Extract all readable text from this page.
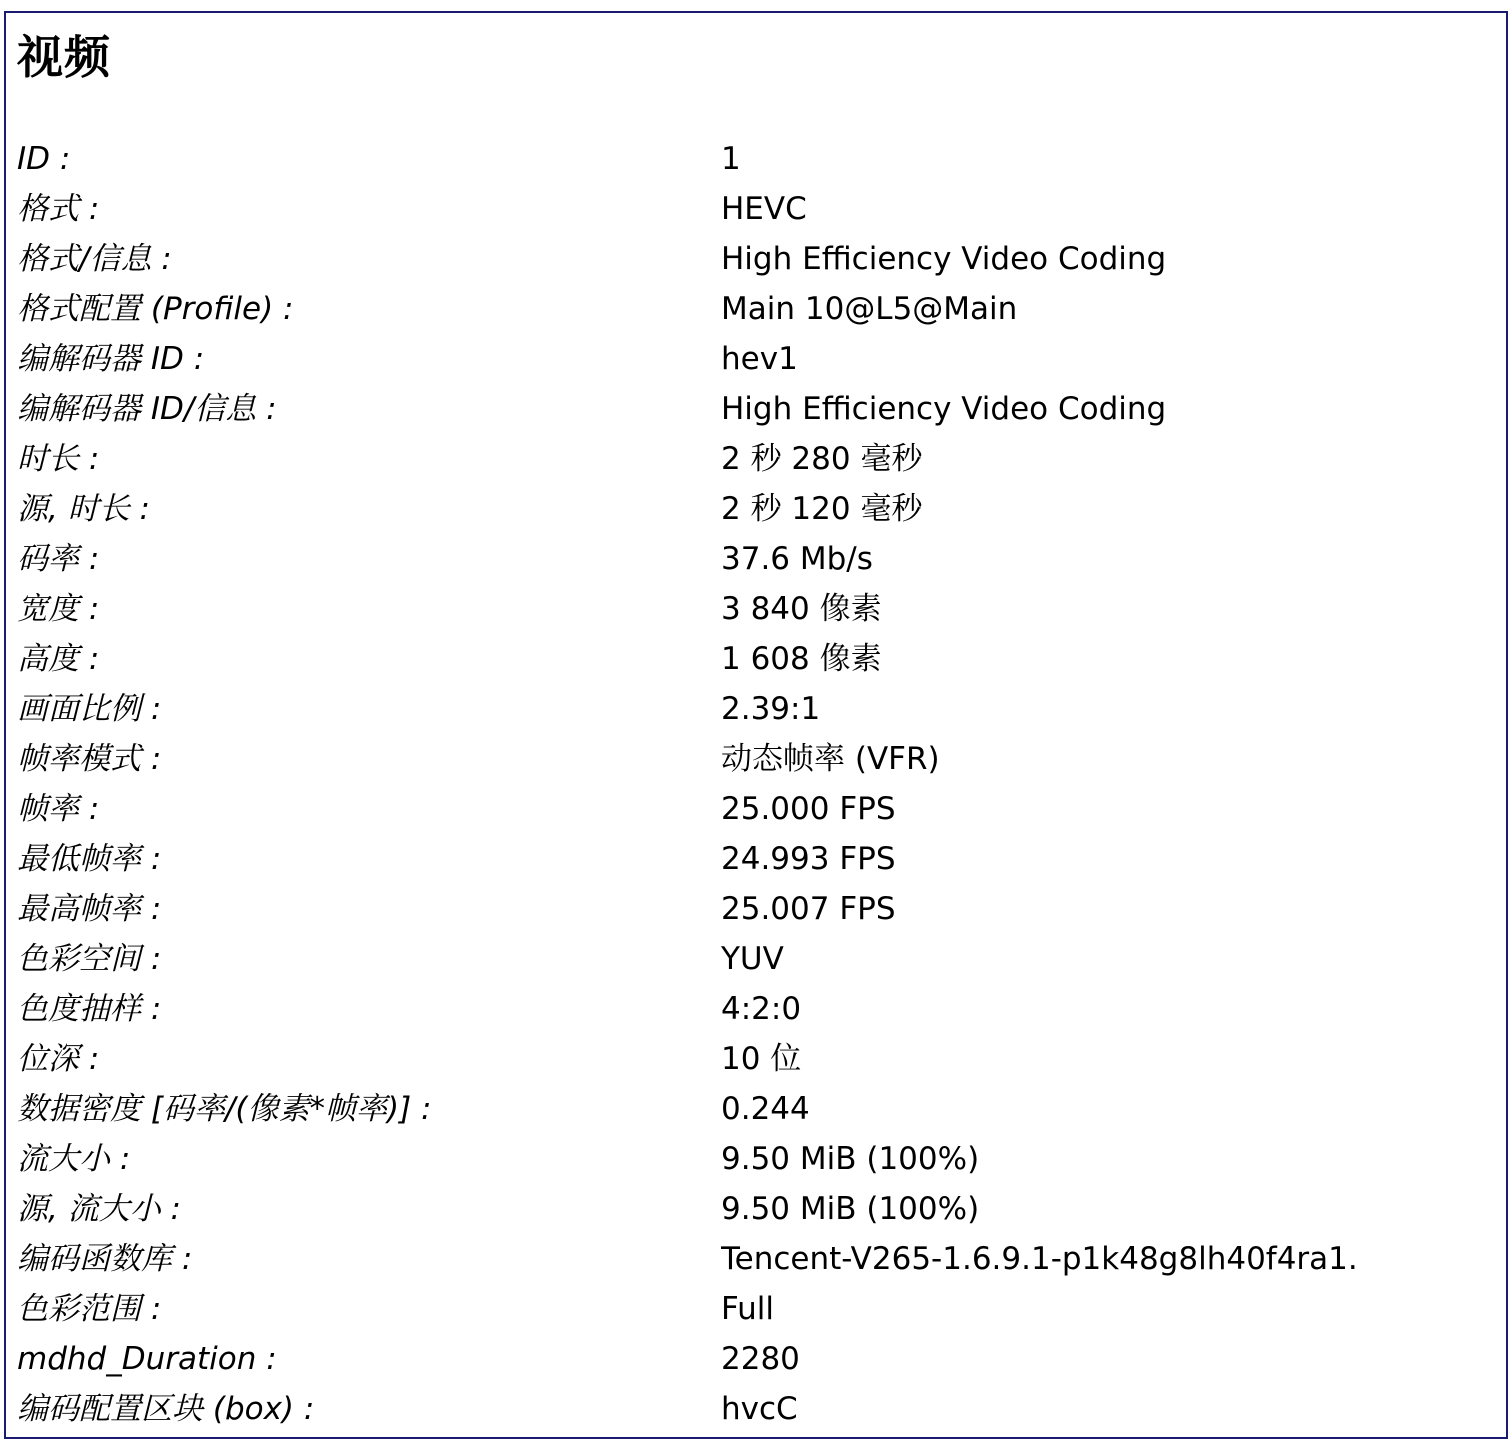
视频
ID :	1
格式 :	HEVC
格式/信息 :	High Efficiency Video Coding
格式配置 (Profile) :	Main 10@L5@Main
编解码器 ID :	hev1
编解码器 ID/信息 :	High Efficiency Video Coding
时长 :	2 秒 280 毫秒
源, 时长 :	2 秒 120 毫秒
码率 :	37.6 Mb/s
宽度 :	3 840 像素
高度 :	1 608 像素
画面比例 :	2.39:1
帧率模式 :	动态帧率 (VFR)
帧率 :	25.000 FPS
最低帧率 :	24.993 FPS
最高帧率 :	25.007 FPS
色彩空间 :	YUV
色度抽样 :	4:2:0
位深 :	10 位
数据密度 [码率/(像素*帧率)] :	0.244
流大小 :	9.50 MiB (100%)
源, 流大小 :	9.50 MiB (100%)
编码函数库 :	Tencent-V265-1.6.9.1-p1k48g8lh40f4ra1.
色彩范围 :	Full
mdhd_Duration :	2280
编码配置区块 (box) :	hvcC
